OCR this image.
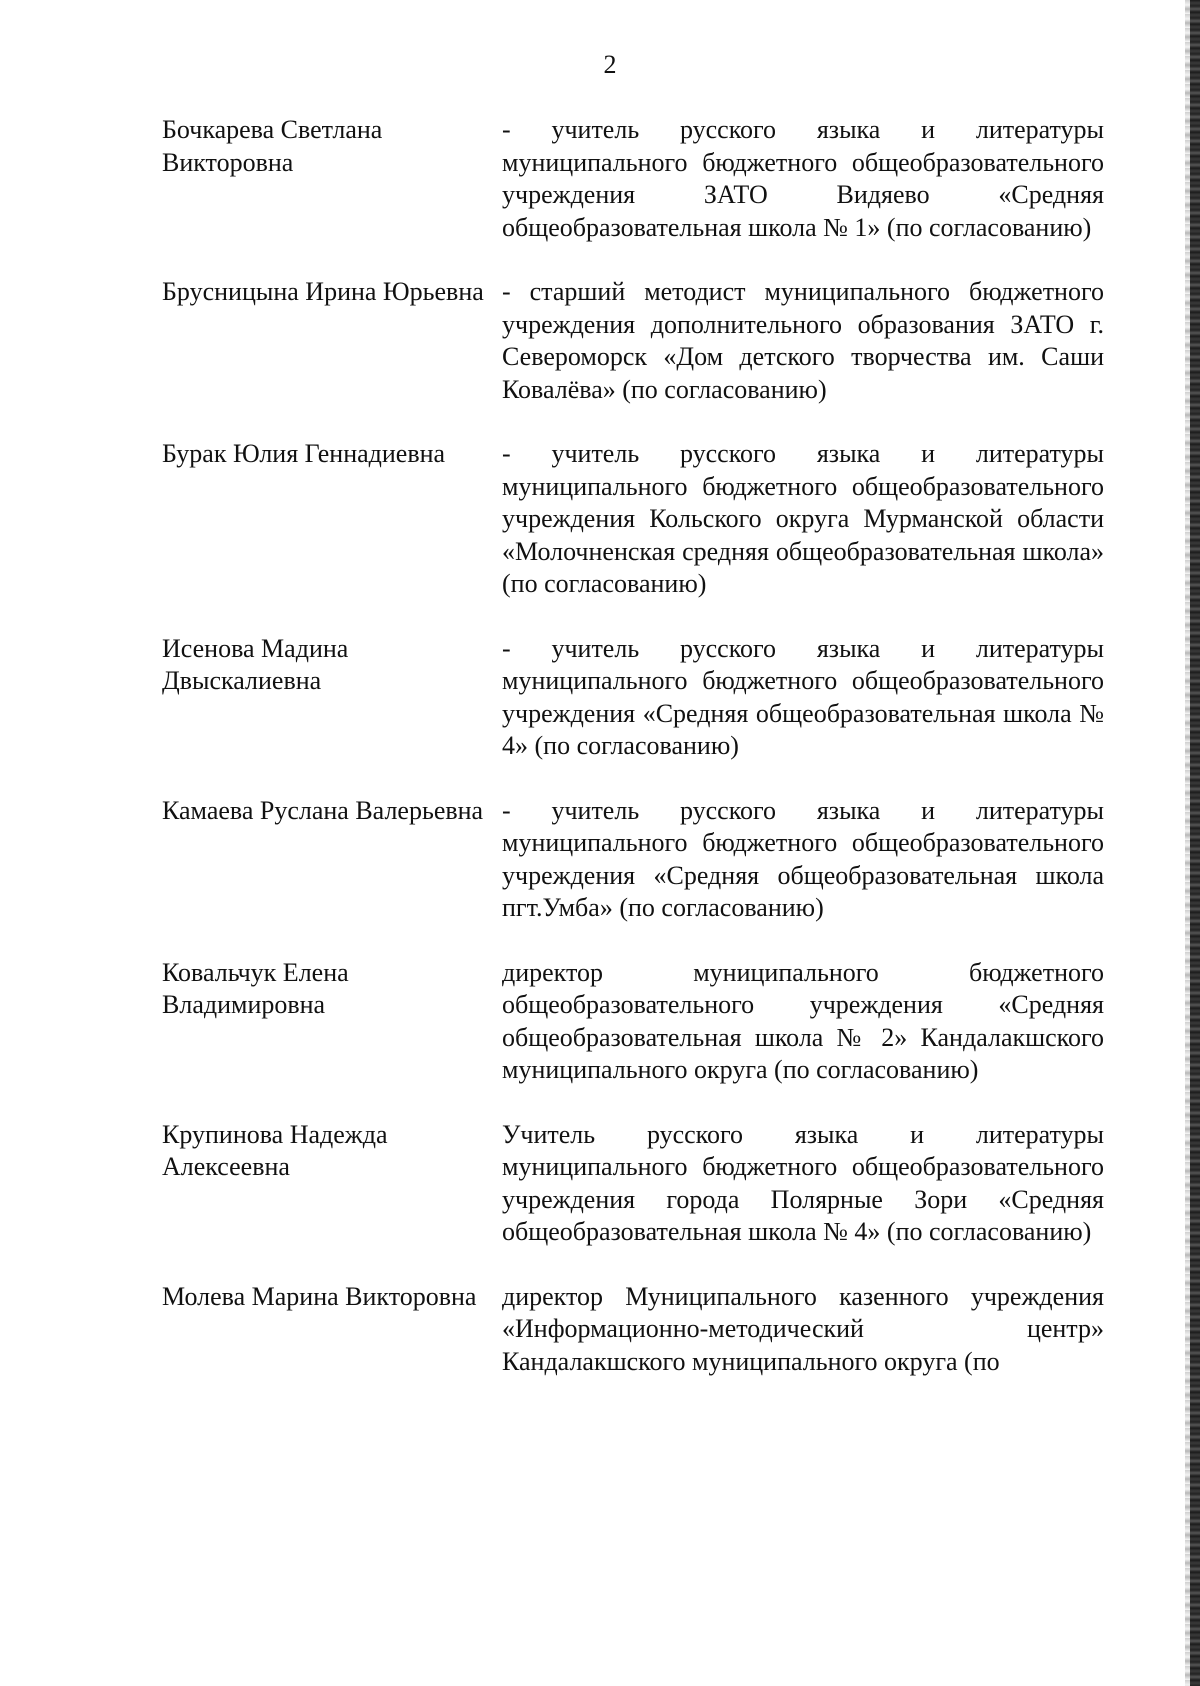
2
Бочкарева Светлана Викторовна
- учитель русского языка и литературы муниципального бюджетного общеобразовательного учреждения ЗАТО Видяево «Средняя общеобразовательная школа № 1» (по согласованию)
Брусницына Ирина Юрьевна - старший методист муниципального бюджетного учреждения дополнительного образования ЗАТО г. Североморск «Дом детского творчества им. Саши Ковалёва» (по согласованию)
Бурак Юлия Геннадиевна	- учитель русского языка и литературы муниципального бюджетного общеобразовательного учреждения Кольского округа Мурманской области «Молочненская средняя общеобразовательная школа» (по согласованию)
Исенова Мадина Двыскалиевна
- учитель русского языка и литературы муниципального бюджетного общеобразовательного учреждения «Средняя общеобразовательная школа № 4» (по согласованию)
Камаева Руслана Валерьевна - учитель русского языка и литературы муниципального бюджетного общеобразовательного учреждения «Средняя общеобразовательная школа пгт.Умба» (по согласованию)
Ковальчук Елена Владимировна
директор муниципального бюджетного общеобразовательного учреждения «Средняя общеобразовательная школа № 2» Кандалакшского муниципального округа (по согласованию)
Крупинова Надежда Алексеевна
Учитель русского языка и литературы муниципального бюджетного общеобразовательного учреждения города Полярные Зори «Средняя общеобразовательная школа № 4» (по согласованию)
Молева Марина Викторовна директор Муниципального казенного учреждения «Информационно-методический центр» Кандалакшского муниципального округа (по
